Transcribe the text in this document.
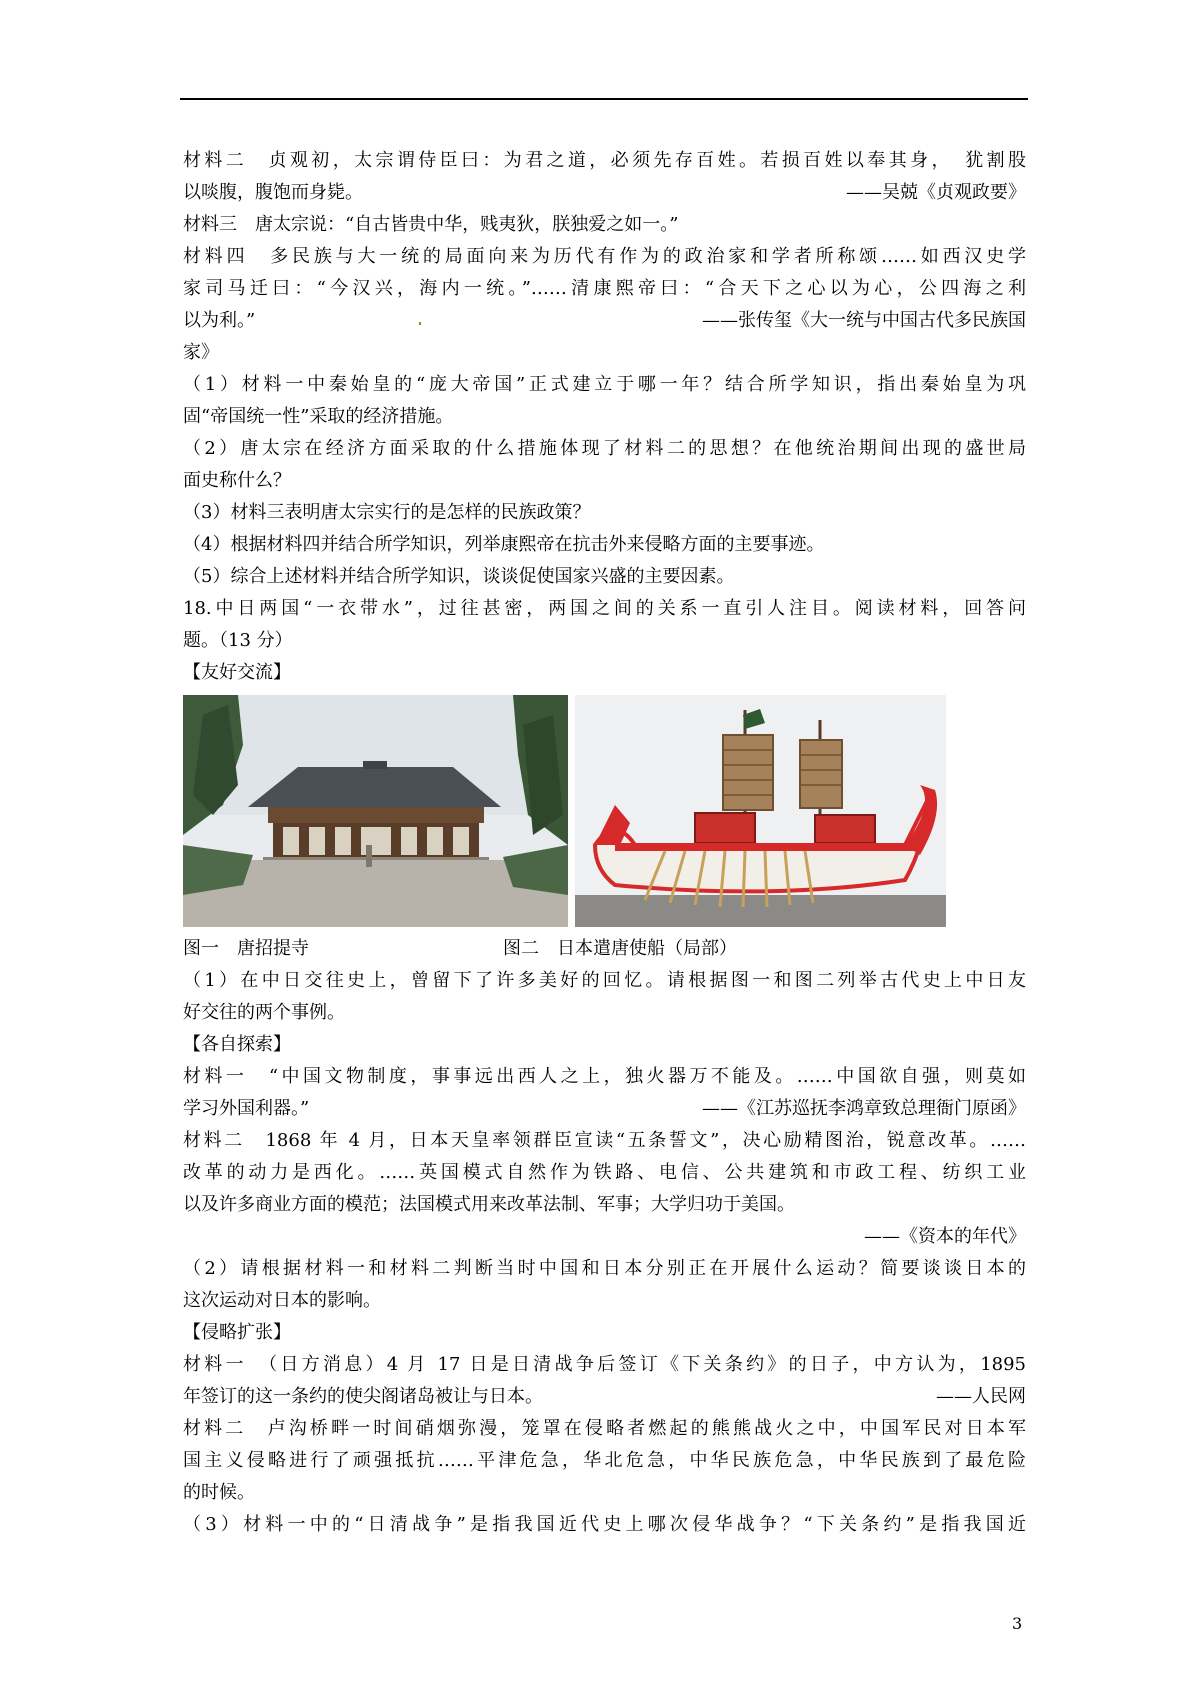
材料二　贞观初，太宗谓侍臣曰：为君之道，必须先存百姓。若损百姓以奉其身，　犹割股
以啖腹，腹饱而身毙。	——吴兢《贞观政要》
材料三　唐太宗说：“自古皆贵中华，贱夷狄，朕独爱之如一。”
材料四　多民族与大一统的局面向来为历代有作为的政治家和学者所称颂……如西汉史学
家司马迁曰：“今汉兴，海内一统。”……清康熙帝曰：“合天下之心以为心，公四海之利
以为利。”	——张传玺《大一统与中国古代多民族国
家》
（1）材料一中秦始皇的“庞大帝国”正式建立于哪一年？结合所学知识，指出秦始皇为巩
固“帝国统一性”采取的经济措施。
（2）唐太宗在经济方面采取的什么措施体现了材料二的思想？在他统治期间出现的盛世局
面史称什么？
（3）材料三表明唐太宗实行的是怎样的民族政策？
（4）根据材料四并结合所学知识，列举康熙帝在抗击外来侵略方面的主要事迹。
（5）综合上述材料并结合所学知识，谈谈促使国家兴盛的主要因素。
18.中日两国“一衣带水”，过往甚密，两国之间的关系一直引人注目。阅读材料，回答问
题。（13 分）
【友好交流】
图一　唐招提寺	图二　日本遣唐使船（局部）
（1）在中日交往史上，曾留下了许多美好的回忆。请根据图一和图二列举古代史上中日友
好交往的两个事例。
【各自探索】
材料一　“中国文物制度，事事远出西人之上，独火器万不能及。……中国欲自强，则莫如
学习外国利器。”	——《江苏巡抚李鸿章致总理衙门原函》
材料二　1868 年 4 月，日本天皇率领群臣宣读“五条誓文”，决心励精图治，锐意改革。……
改革的动力是西化。……英国模式自然作为铁路、电信、公共建筑和市政工程、纺织工业
以及许多商业方面的模范；法国模式用来改革法制、军事；大学归功于美国。
——《资本的年代》
（2）请根据材料一和材料二判断当时中国和日本分别正在开展什么运动？简要谈谈日本的
这次运动对日本的影响。
【侵略扩张】
材料一　（日方消息）4 月 17 日是日清战争后签订《下关条约》的日子，中方认为，1895
年签订的这一条约的使尖阁诸岛被让与日本。	——人民网
材料二　卢沟桥畔一时间硝烟弥漫，笼罩在侵略者燃起的熊熊战火之中，中国军民对日本军
国主义侵略进行了顽强抵抗……平津危急，华北危急，中华民族危急，中华民族到了最危险
的时候。
（3）材料一中的“日清战争”是指我国近代史上哪次侵华战争？“下关条约”是指我国近
3
